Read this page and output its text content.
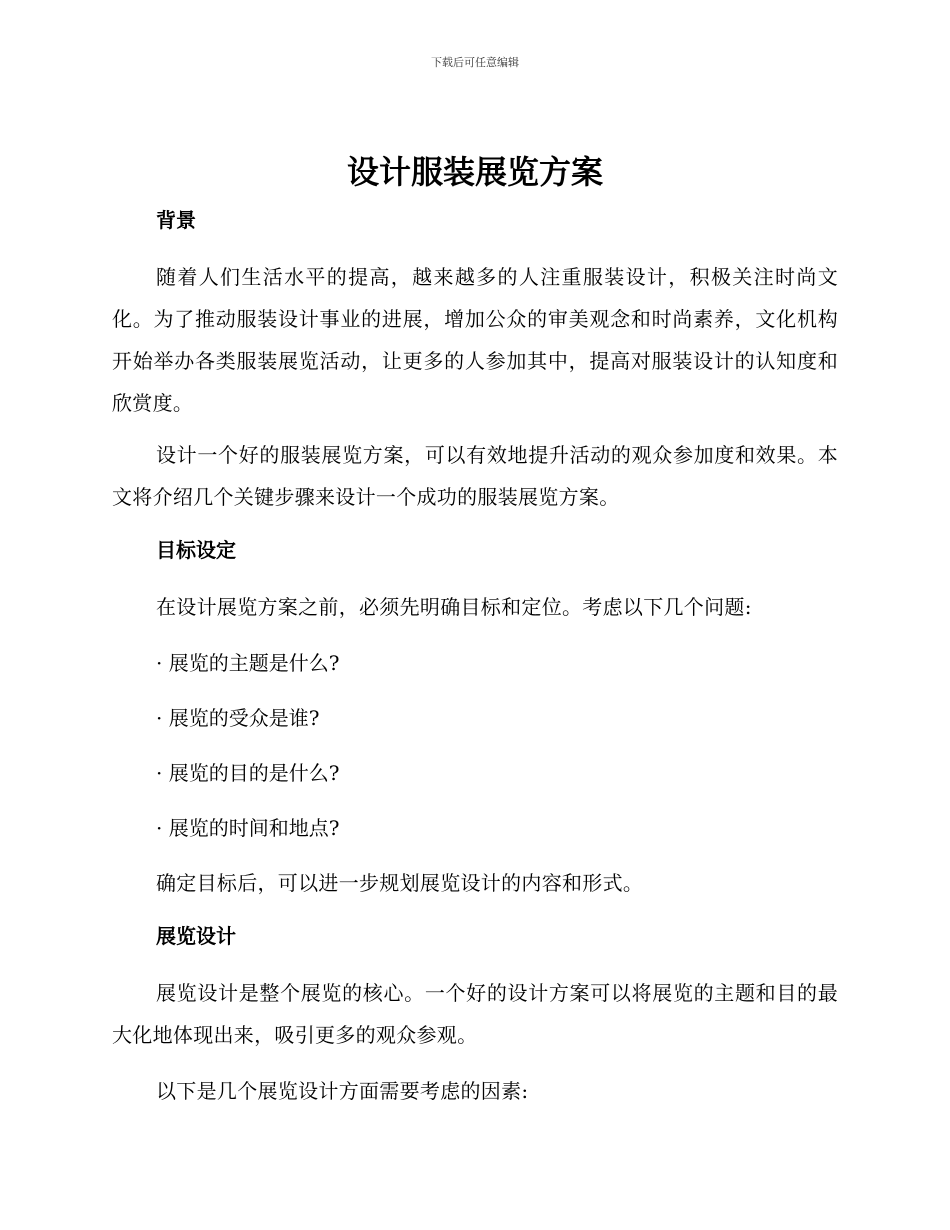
下载后可任意编辑
设计服装展览方案
背景

随着人们生活水平的提高，越来越多的人注重服装设计，积极关注时尚文化。为了推动服装设计事业的进展，增加公众的审美观念和时尚素养，文化机构开始举办各类服装展览活动，让更多的人参加其中，提高对服装设计的认知度和欣赏度。

设计一个好的服装展览方案，可以有效地提升活动的观众参加度和效果。本文将介绍几个关键步骤来设计一个成功的服装展览方案。

目标设定

在设计展览方案之前，必须先明确目标和定位。考虑以下几个问题:

· 展览的主题是什么?
· 展览的受众是谁?
· 展览的目的是什么?
· 展览的时间和地点?

确定目标后，可以进一步规划展览设计的内容和形式。

展览设计

展览设计是整个展览的核心。一个好的设计方案可以将展览的主题和目的最大化地体现出来，吸引更多的观众参观。

以下是几个展览设计方面需要考虑的因素:
